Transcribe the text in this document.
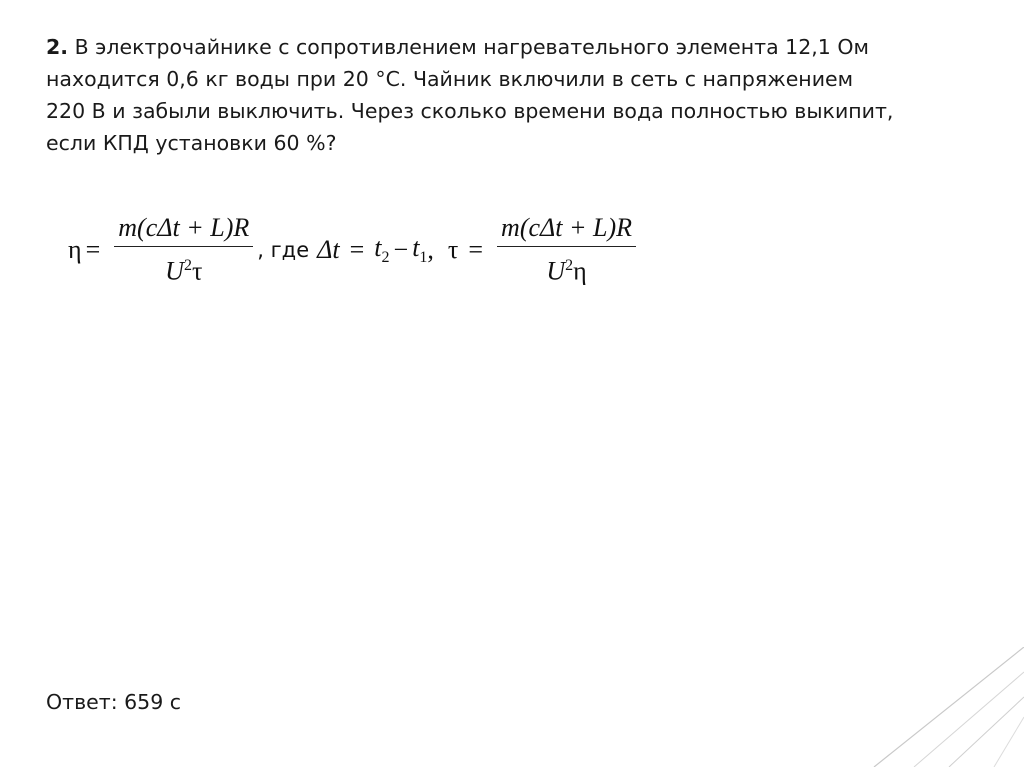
2. В электрочайнике с сопротивлением нагревательного элемента 12,1 Ом
находится 0,6 кг воды при 20 °С. Чайник включили в сеть с напряжением
220 В и забыли выключить. Через сколько времени вода полностью выкипит,
если КПД установки 60 %?
$\eta = \frac{\text{m(cΔt + L)R}}{U^2\tau}$ , где $\Delta t = t_2 - t_1$ , $\tau = \frac{\text{m(cΔt + L)R}}{U^2\eta}$
Ответ: 659 с
